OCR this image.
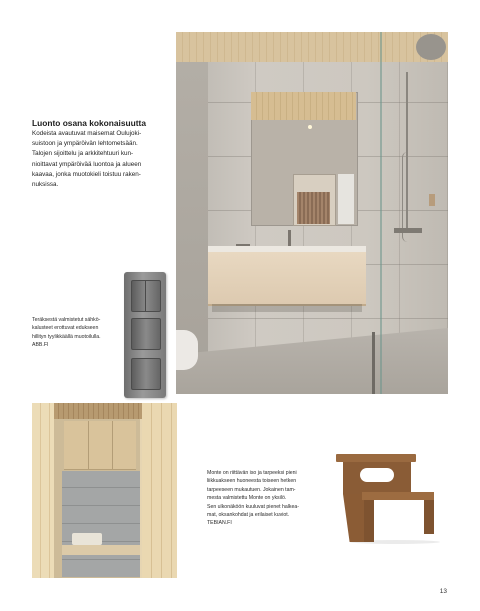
Luonto osana kokonaisuutta
Kodeista avautuvat maisemat Oulujoki-
suistoon ja ympäröivän lehtometsään.
Talojen sijoittelu ja arkkitehtuuri kun-
nioittavat ympäröivää luontoa ja alueen
kaavaa, jonka muotokieli toistuu raken-
nuksissa.
Teräksestä valmistetut sähkö-
kalusteet erottuvat edukseen
hillityn tyylikkäällä muotoilulla.
ABB.FI
Monte on riittävän iso ja tarpeeksi pieni
liikkuakseen huoneesta toiseen hetken
tarpeeseen mukautuen. Jokainen tam-
mesta valmistettu Monte on yksilö.
Sen ulkonäköön kuuluvat pienet halkea-
mat, oksankohdat ja erilaiset kuviot.
TEBIAN.FI
13
